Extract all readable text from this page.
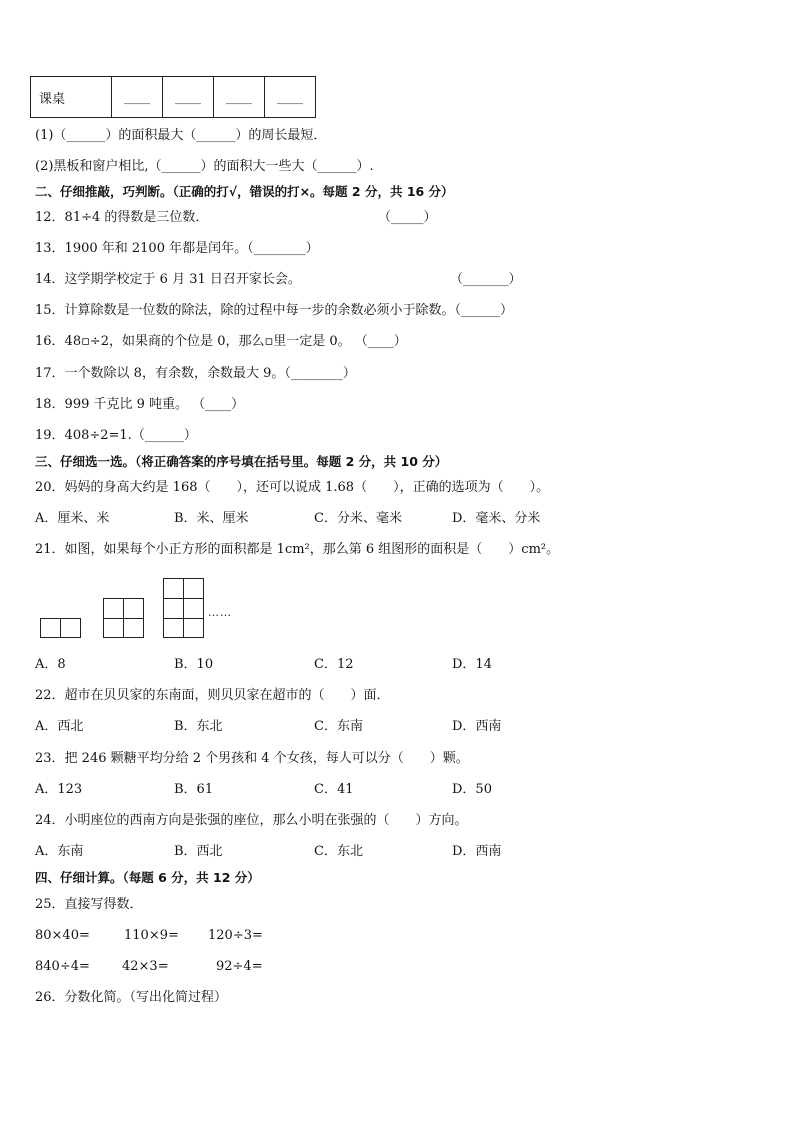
课桌	____	____	____	____
(1)（______）的面积最大（______）的周长最短．
(2)黑板和窗户相比,（______）的面积大一些大（______）.
二、仔细推敲，巧判断。（正确的打√，错误的打×。每题 2 分，共 16 分）
12．81÷4 的得数是三位数．	（_____）
13．1900 年和 2100 年都是闰年。（________）
14．这学期学校定于 6 月 31 日召开家长会。	（_______）
15．计算除数是一位数的除法，除的过程中每一步的余数必须小于除数。（______）
16．48▫÷2，如果商的个位是 0，那么▫里一定是 0。 （____）
17．一个数除以 8，有余数，余数最大 9。（________）
18．999 千克比 9 吨重。 （____）
19．408÷2=1.（______）
三、仔细选一选。（将正确答案的序号填在括号里。每题 2 分，共 10 分）
20．妈妈的身高大约是 168（　　），还可以说成 1.68（　　），正确的选项为（　　）。
A．厘米、米	B．米、厘米	C．分米、毫米	D．毫米、分米
21．如图，如果每个小正方形的面积都是 1cm²，那么第 6 组图形的面积是（　　）cm²。
……
A．8	B．10	C．12	D．14
22．超市在贝贝家的东南面，则贝贝家在超市的（　　）面．
A．西北	B．东北	C．东南	D．西南
23．把 246 颗糖平均分给 2 个男孩和 4 个女孩，每人可以分（　　）颗。
A．123	B．61	C．41	D．50
24．小明座位的西南方向是张强的座位，那么小明在张强的（　　）方向。
A．东南	B．西北	C．东北	D．西南
四、仔细计算。（每题 6 分，共 12 分）
25．直接写得数．
80×40=	110×9= 120÷3=
840÷4= 42×3=	92÷4=
26．分数化简。（写出化简过程）
